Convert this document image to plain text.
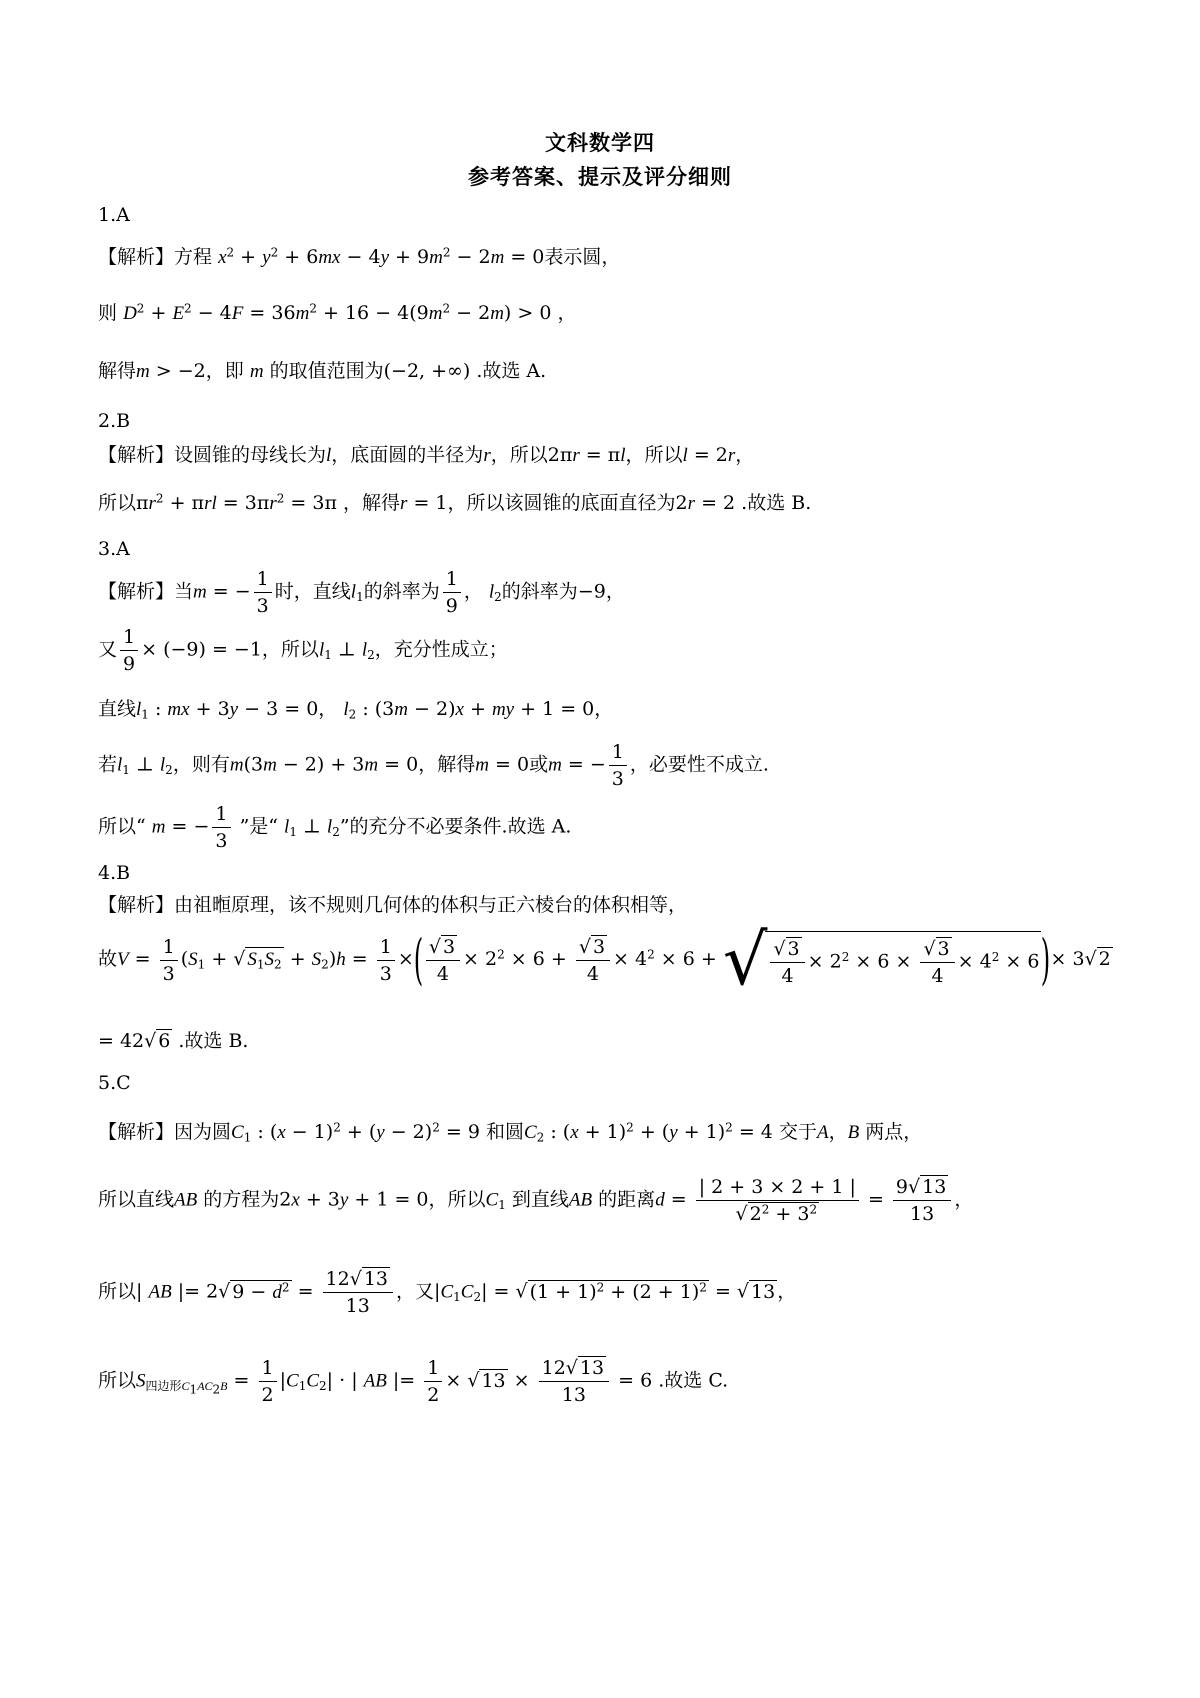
文科数学四
参考答案、提示及评分细则
1.A
【解析】方程 $x^2 + y^2 + 6mx - 4y + 9m^2 - 2m = 0$表示圆，
则 $D^2 + E^2 - 4F = 36m^2 + 16 - 4(9m^2 - 2m) > 0$ ，
解得m > −2，即 m 的取值范围为(−2, +∞) .故选 A.
2.B
【解析】设圆锥的母线长为l，底面圆的半径为r，所以2πr = πl，所以l = 2r，
所以$\pi r^2 + \pi rl = 3\pi r^2 = 3\pi$ ，解得r = 1，所以该圆锥的底面直径为2r = 2 .故选 B.
3.A
【解析】当m = − $\frac{1}{3}$ 时，直线$l_1$的斜率为 $\frac{1}{9}$ ， $l_2$的斜率为−9，
又 $\frac{1}{9} \times (-9) = -1$，所以$l_1$ ⊥ $l_2$，充分性成立；
直线$l_1$ : mx + 3y − 3 = 0， $l_2$ : (3m − 2)x + my + 1 = 0，
若$l_1$ ⊥ $l_2$，则有m(3m − 2) + 3m = 0，解得m = 0或m = − $\frac{1}{3}$ ，必要性不成立.
所以“ m = − $\frac{1}{3}$ ”是“ $l_1$ ⊥ $l_2$”的充分不必要条件.故选 A.
4.B
【解析】由祖暅原理，该不规则几何体的体积与正六棱台的体积相等，
故$V = \frac{1}{3} (S_1$ + √ $S_1S_2 + S_2)h = \frac{1}{3}$ ×( $\frac{√ 3}{4} \times 2^2 \times 6 + \frac{√ 3}{4} \times 4^2 \times 6$ + √ $\frac{√ 3}{4} \times 2^2 \times 6 \times \frac{√ 3}{4} \times 4^2 \times 6)\times 3√$ 2
= 42√ 6 .故选 B.
5.C
【解析】因为圆$C_1$ : $(x - 1)^2 + (y - 2)^2 = 9$ 和圆$C_2$ : $(x + 1)^2 + (y + 1)^2 = 4$ 交于A，B 两点，
所以直线AB 的方程为2x + 3y + 1 = 0，所以$C_1$ 到直线AB 的距离$d = \frac{| 2 + 3 \times 2 + 1 |}{√ 2^2 + 3^2} = \frac{9√ 13}{13}$ ，
所以| AB |= 2√ $9 - d^2 = \frac{12√ 13}{13}$ ，又$|C_1C_2|$ = √ $(1 + 1)^2 + (2 + 1)^2$ = √ 13 ，
所以$S_{四边形C_1AC_2B} = \frac{1}{2} |C_1C_2|$ · | AB |= $\frac{1}{2}$ × √ $13 \times \frac{12√ 13}{13} = 6$ .故选 C.
